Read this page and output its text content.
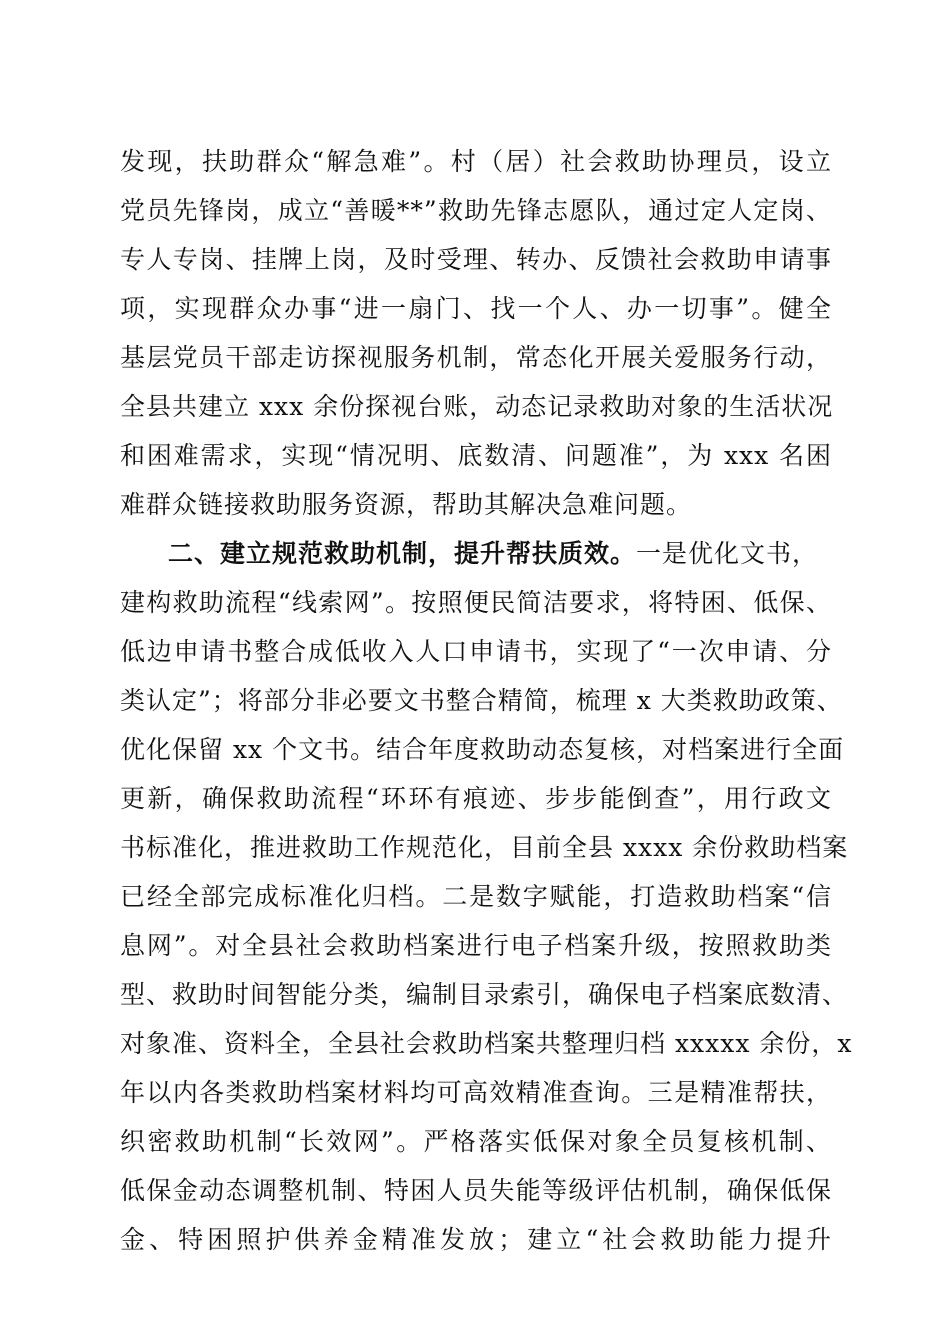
发现，扶助群众“解急难”。村（居）社会救助协理员，设立
党员先锋岗，成立“善暖**”救助先锋志愿队，通过定人定岗、
专人专岗、挂牌上岗，及时受理、转办、反馈社会救助申请事
项，实现群众办事“进一扇门、找一个人、办一切事”。健全
基层党员干部走访探视服务机制，常态化开展关爱服务行动，
全县共建立 xxx 余份探视台账，动态记录救助对象的生活状况
和困难需求，实现“情况明、底数清、问题准”，为 xxx 名困
难群众链接救助服务资源，帮助其解决急难问题。
二、建立规范救助机制，提升帮扶质效。一是优化文书，
建构救助流程“线索网”。按照便民简洁要求，将特困、低保、
低边申请书整合成低收入人口申请书，实现了“一次申请、分
类认定”；将部分非必要文书整合精简，梳理 x 大类救助政策、
优化保留 xx 个文书。结合年度救助动态复核，对档案进行全面
更新，确保救助流程“环环有痕迹、步步能倒查”，用行政文
书标准化，推进救助工作规范化，目前全县 xxxx 余份救助档案
已经全部完成标准化归档。二是数字赋能，打造救助档案“信
息网”。对全县社会救助档案进行电子档案升级，按照救助类
型、救助时间智能分类，编制目录索引，确保电子档案底数清、
对象准、资料全，全县社会救助档案共整理归档 xxxxx 余份，x
年以内各类救助档案材料均可高效精准查询。三是精准帮扶，
织密救助机制“长效网”。严格落实低保对象全员复核机制、
低保金动态调整机制、特困人员失能等级评估机制，确保低保
金、特困照护供养金精准发放；建立“社会救助能力提升
